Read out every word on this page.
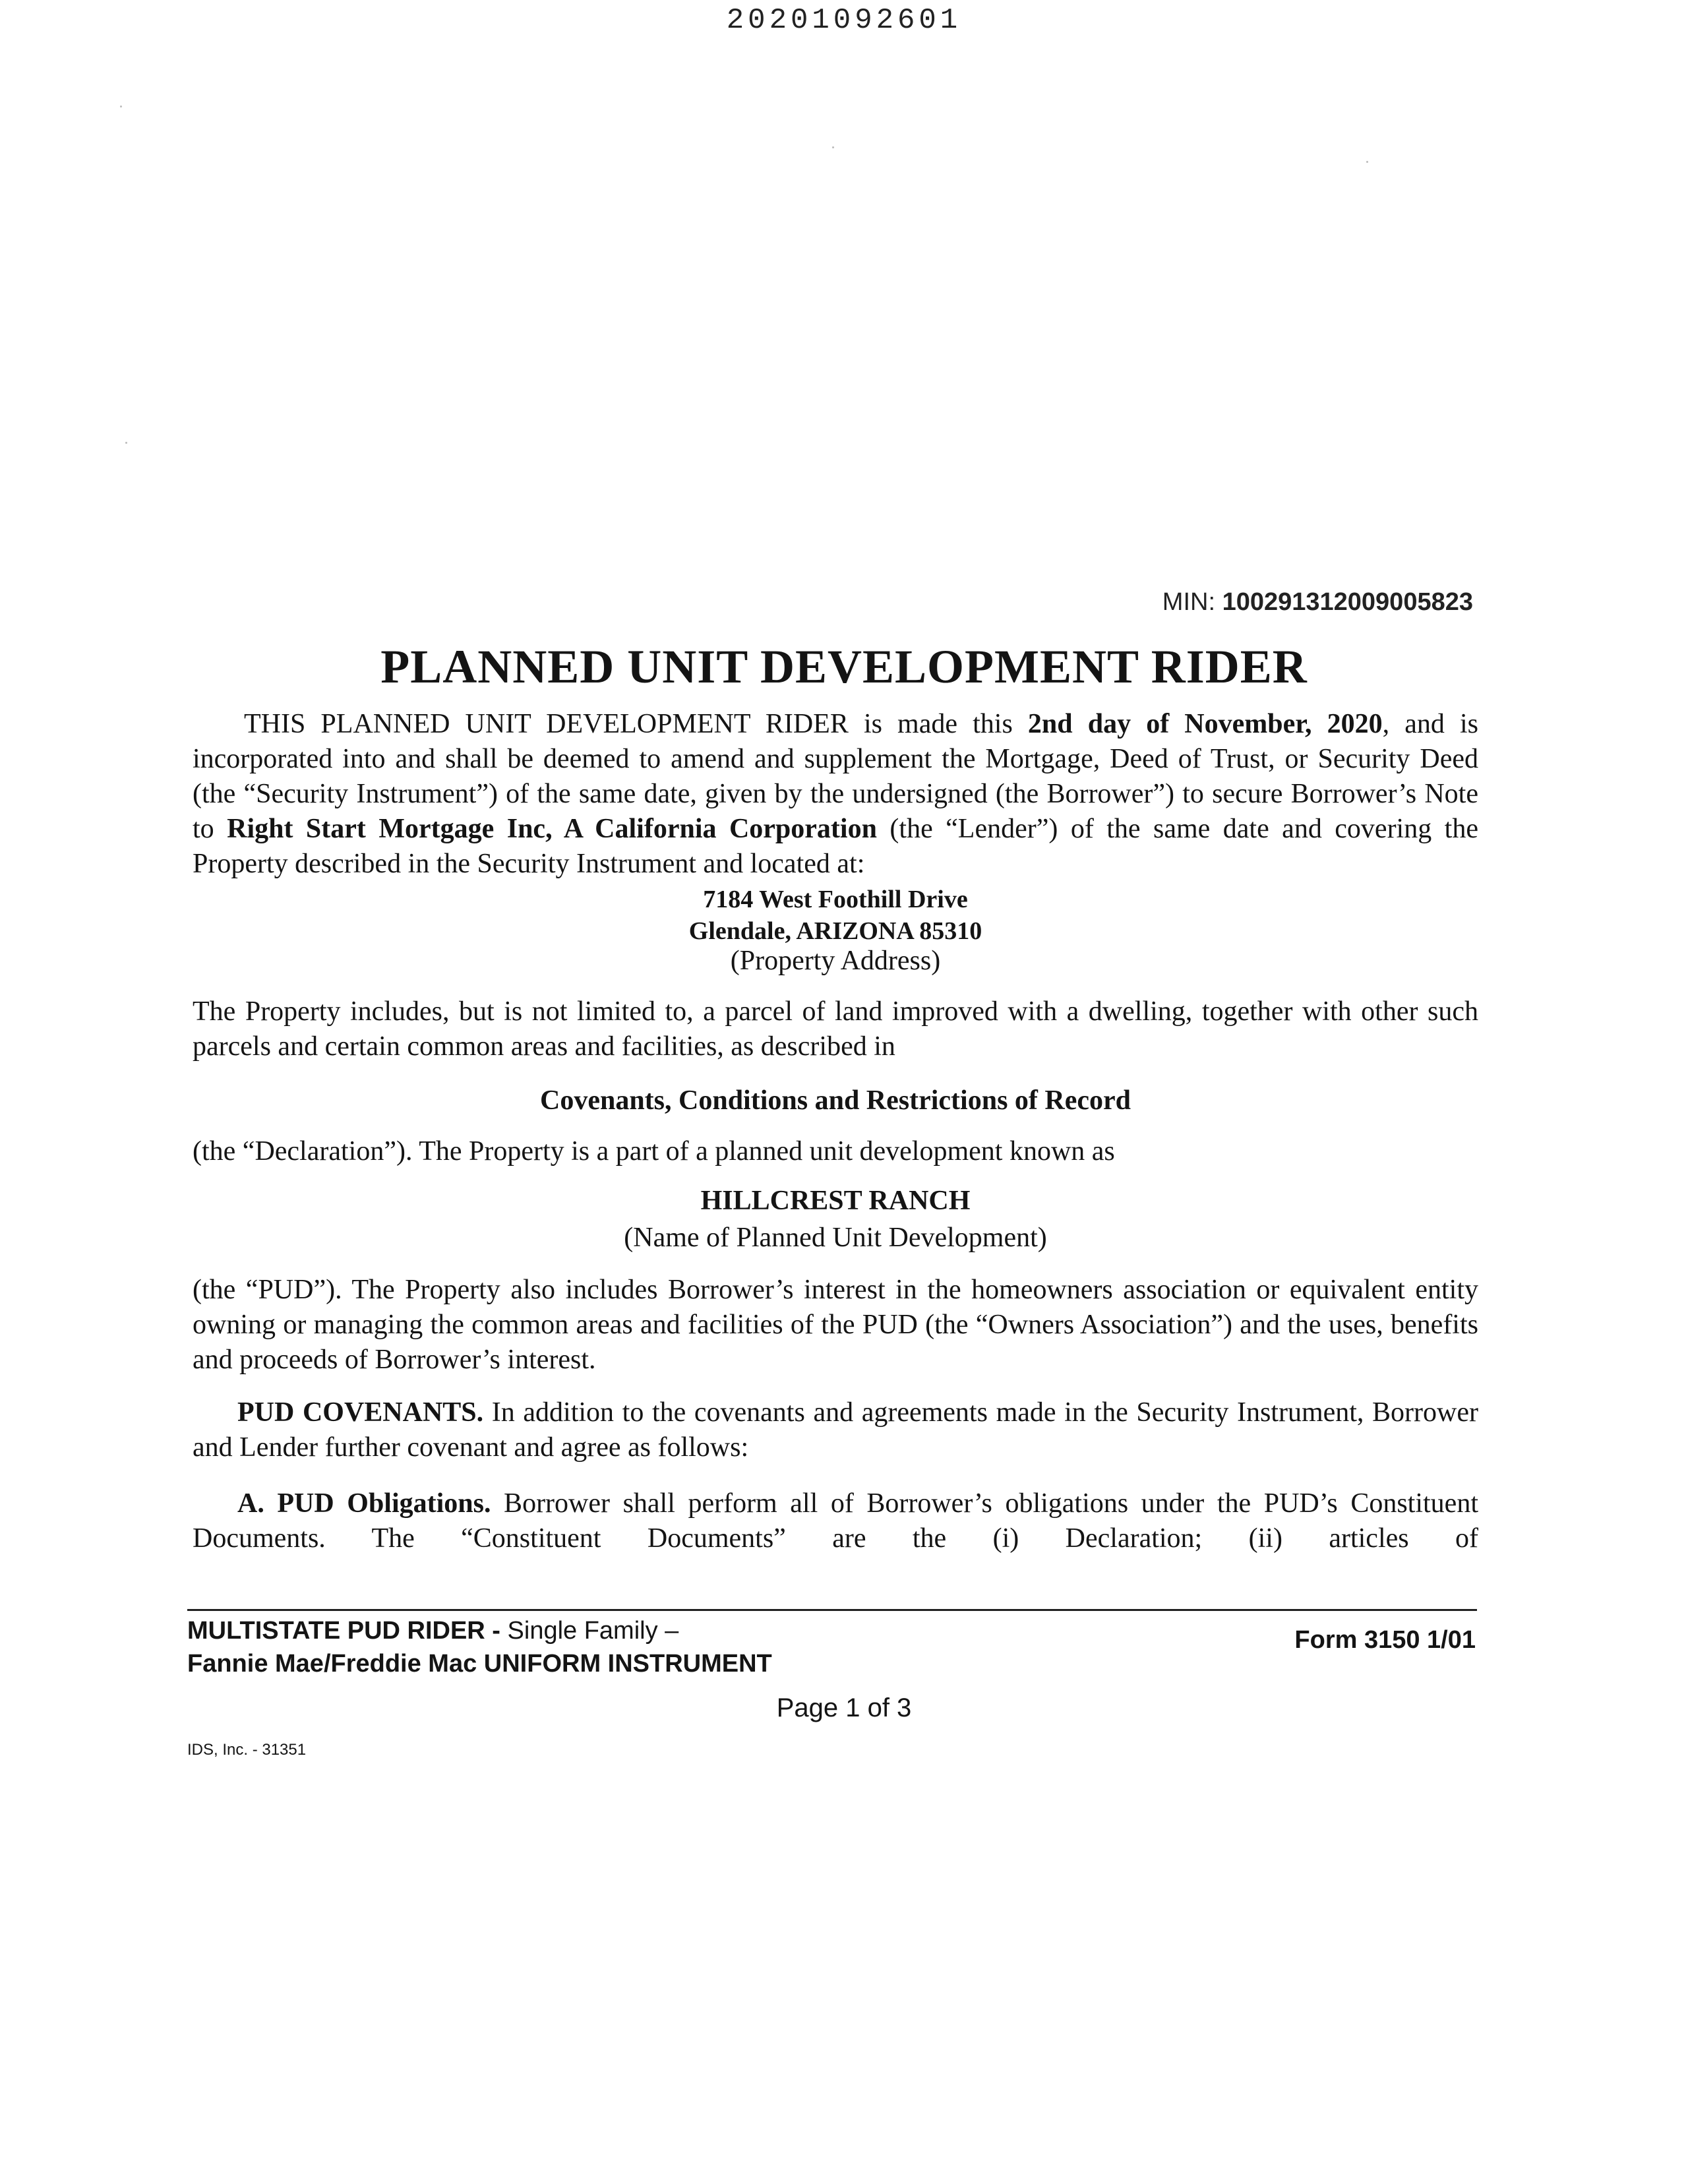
20201092601
MIN: 100291312009005823
PLANNED UNIT DEVELOPMENT RIDER
THIS PLANNED UNIT DEVELOPMENT RIDER is made this 2nd day of November, 2020, and is incorporated into and shall be deemed to amend and supplement the Mortgage, Deed of Trust, or Security Deed (the “Security Instrument”) of the same date, given by the undersigned (the Borrower”) to secure Borrower’s Note to Right Start Mortgage Inc, A California Corporation (the “Lender”) of the same date and covering the Property described in the Security Instrument and located at:
7184 West Foothill Drive
Glendale, ARIZONA 85310
(Property Address)
The Property includes, but is not limited to, a parcel of land improved with a dwelling, together with other such parcels and certain common areas and facilities, as described in
Covenants, Conditions and Restrictions of Record
(the “Declaration”). The Property is a part of a planned unit development known as
HILLCREST RANCH
(Name of Planned Unit Development)
(the “PUD”). The Property also includes Borrower’s interest in the homeowners association or equivalent entity owning or managing the common areas and facilities of the PUD (the “Owners Association”) and the uses, benefits and proceeds of Borrower’s interest.
PUD COVENANTS. In addition to the covenants and agreements made in the Security Instrument, Borrower and Lender further covenant and agree as follows:
A. PUD Obligations. Borrower shall perform all of Borrower’s obligations under the PUD’s Constituent Documents. The “Constituent Documents” are the (i) Declaration; (ii) articles of
MULTISTATE PUD RIDER - Single Family –
Fannie Mae/Freddie Mac UNIFORM INSTRUMENT
Form 3150 1/01
Page 1 of 3
IDS, Inc. - 31351
